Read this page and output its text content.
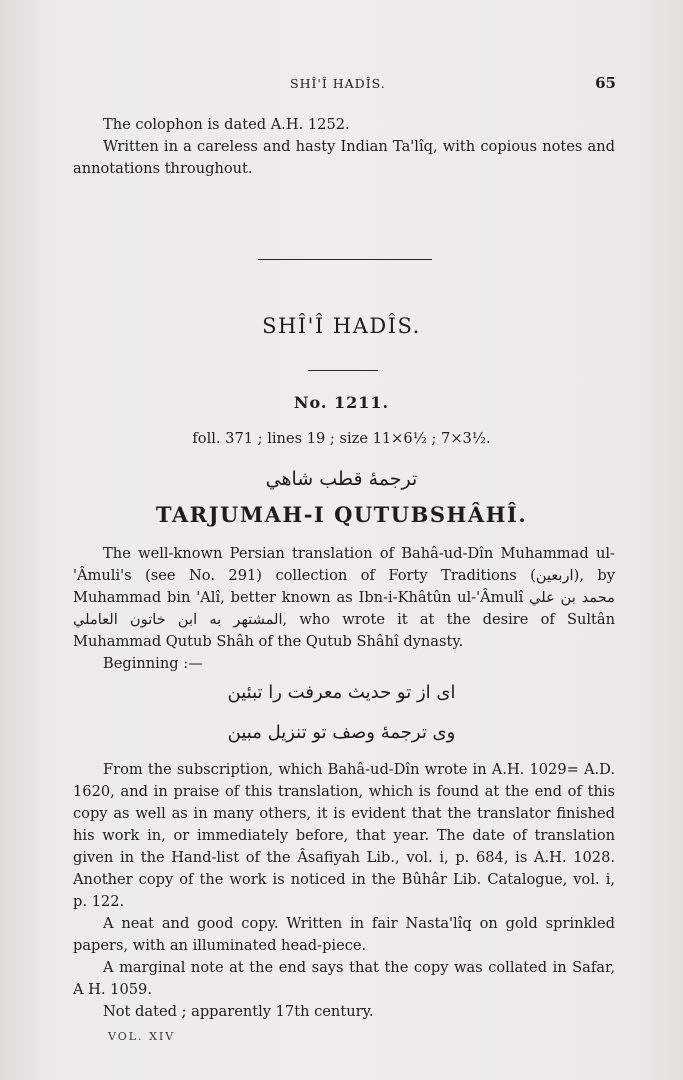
SHÎ'Î HADÎS.	65

The colophon is dated A.H. 1252.

Written in a careless and hasty Indian Ta'lîq, with copious notes and annotations throughout.

SHÎ'Î HADÎS.
No. 1211.
foll. 371 ; lines 19 ; size 11×6½ ; 7×3½.
ترجمهٔ قطب شاهي
TARJUMAH-I QUTUBSHÂHÎ.

The well-known Persian translation of Bahâ-ud-Dîn Muhammad ul-'Âmuli's (see No. 291) collection of Forty Traditions (اربعين), by Muhammad bin 'Alî, better known as Ibn-i-Khâtûn ul-'Âmulî محمد بن علي المشتهر به ابن خاتون العاملي, who wrote it at the desire of Sultân Muhammad Qutub Shâh of the Qutub Shâhî dynasty.

Beginning :—

ای از تو حدیث معرفت را تبئین
وی ترجمهٔ وصف تو تنزیل مبین

From the subscription, which Bahâ-ud-Dîn wrote in A.H. 1029= A.D. 1620, and in praise of this translation, which is found at the end of this copy as well as in many others, it is evident that the translator finished his work in, or immediately before, that year. The date of translation given in the Hand-list of the Âsafiyah Lib., vol. i, p. 684, is A.H. 1028. Another copy of the work is noticed in the Bûhâr Lib. Catalogue, vol. i, p. 122.

A neat and good copy. Written in fair Nasta'lîq on gold sprinkled papers, with an illuminated head-piece.

A marginal note at the end says that the copy was collated in Safar, A H. 1059.

Not dated ; apparently 17th century.

VOL. XIV
